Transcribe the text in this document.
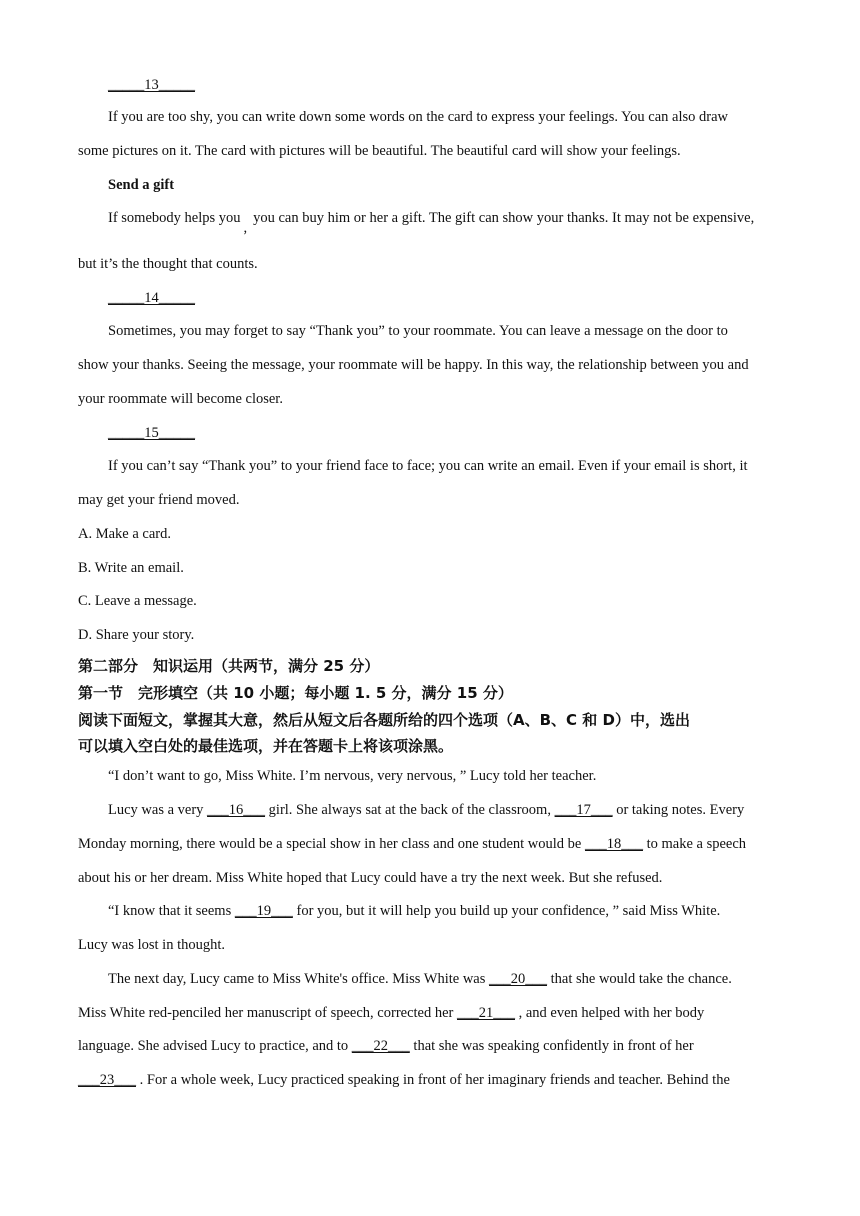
_____13_____
If you are too shy, you can write down some words on the card to express your feelings. You can also draw
some pictures on it. The card with pictures will be beautiful. The beautiful card will show your feelings.
Send a gift
If somebody helps you,you can buy him or her a gift. The gift can show your thanks. It may not be expensive,
but it’s the thought that counts.
_____14_____
Sometimes, you may forget to say “Thank you” to your roommate. You can leave a message on the door to
show your thanks. Seeing the message, your roommate will be happy. In this way, the relationship between you and
your roommate will become closer.
_____15_____
If you can’t say “Thank you” to your friend face to face; you can write an email. Even if your email is short, it
may get your friend moved.
A. Make a card.
B. Write an email.
C. Leave a message.
D. Share your story.
第二部分　知识运用（共两节，满分 25 分）
第一节　完形填空（共 10 小题；每小题 1. 5 分，满分 15 分）
阅读下面短文，掌握其大意，然后从短文后各题所给的四个选项（A、B、C 和 D）中，选出
可以填入空白处的最佳选项，并在答题卡上将该项涂黑。
“I don’t want to go, Miss White. I’m nervous, very nervous, ” Lucy told her teacher.
Lucy was a very ___16___ girl. She always sat at the back of the classroom, ___17___ or taking notes. Every
Monday morning, there would be a special show in her class and one student would be ___18___ to make a speech
about his or her dream. Miss White hoped that Lucy could have a try the next week. But she refused.
“I know that it seems ___19___ for you, but it will help you build up your confidence, ” said Miss White.
Lucy was lost in thought.
The next day, Lucy came to Miss White's office. Miss White was ___20___ that she would take the chance.
Miss White red-penciled her manuscript of speech, corrected her ___21___ , and even helped with her body
language. She advised Lucy to practice, and to ___22___ that she was speaking confidently in front of her
___23___ . For a whole week, Lucy practiced speaking in front of her imaginary friends and teacher. Behind the
